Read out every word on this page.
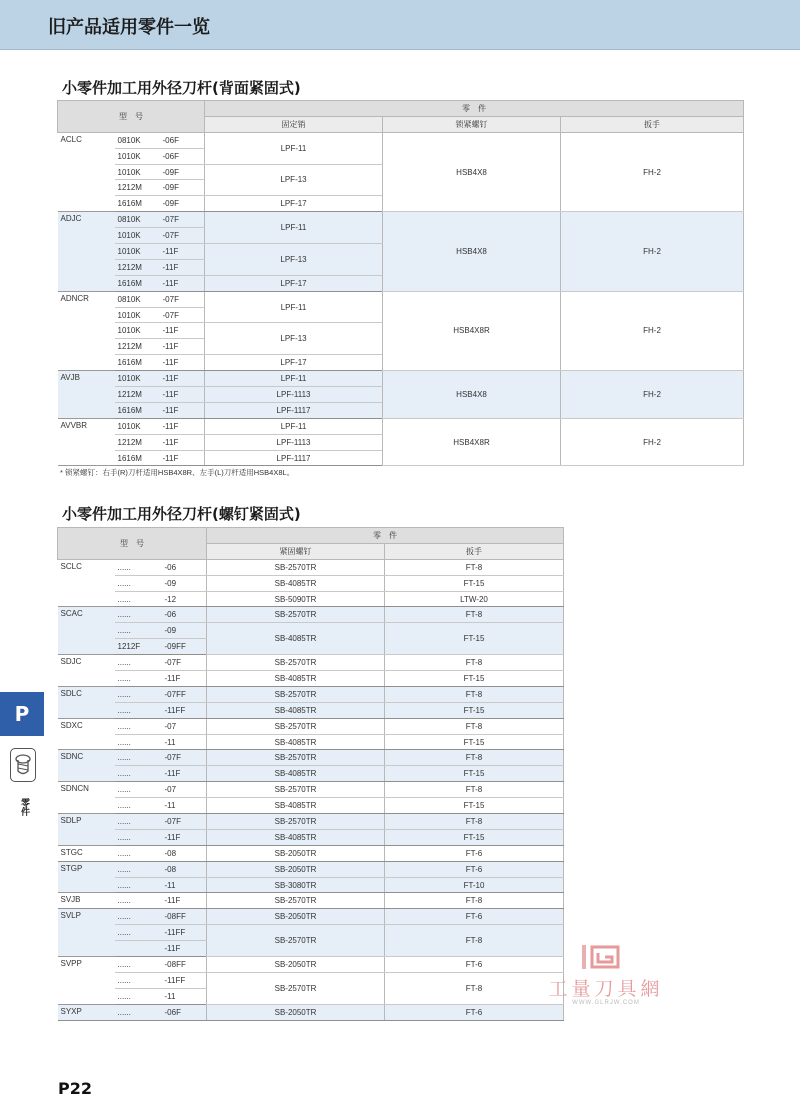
旧产品适用零件一览
小零件加工用外径刀杆(背面紧固式)
型　号			零　件		
			固定销	锁紧螺钉	扳手
ACLC	0810K	-06F	LPF-11	HSB4X8	FH-2
	1010K	-06F			
	1010K	-09F	LPF-13		
	1212M	-09F			
	1616M	-09F	LPF-17		
ADJC	0810K	-07F	LPF-11	HSB4X8	FH-2
	1010K	-07F			
	1010K	-11F	LPF-13		
	1212M	-11F			
	1616M	-11F	LPF-17		
ADNCR	0810K	-07F	LPF-11	HSB4X8R	FH-2
	1010K	-07F			
	1010K	-11F	LPF-13		
	1212M	-11F			
	1616M	-11F	LPF-17		
AVJB	1010K	-11F	LPF-11	HSB4X8	FH-2
	1212M	-11F	LPF-1113		
	1616M	-11F	LPF-1117		
AVVBR	1010K	-11F	LPF-11	HSB4X8R	FH-2
	1212M	-11F	LPF-1113		
	1616M	-11F	LPF-1117		
* 锁紧螺钉：右手(R)刀杆适用HSB4X8R、左手(L)刀杆适用HSB4X8L。
小零件加工用外径刀杆(螺钉紧固式)
型　号			零　件	
			紧固螺钉	扳手
SCLC	......	-06	SB-2570TR	FT-8
	......	-09	SB-4085TR	FT-15
	......	-12	SB-5090TR	LTW-20
SCAC	......	-06	SB-2570TR	FT-8
	......	-09	SB-4085TR	FT-15
	1212F	-09FF		
SDJC	......	-07F	SB-2570TR	FT-8
	......	-11F	SB-4085TR	FT-15
SDLC	......	-07FF	SB-2570TR	FT-8
	......	-11FF	SB-4085TR	FT-15
SDXC	......	-07	SB-2570TR	FT-8
	......	-11	SB-4085TR	FT-15
SDNC	......	-07F	SB-2570TR	FT-8
	......	-11F	SB-4085TR	FT-15
SDNCN	......	-07	SB-2570TR	FT-8
	......	-11	SB-4085TR	FT-15
SDLP	......	-07F	SB-2570TR	FT-8
	......	-11F	SB-4085TR	FT-15
STGC	......	-08	SB-2050TR	FT-6
STGP	......	-08	SB-2050TR	FT-6
	......	-11	SB-3080TR	FT-10
SVJB	......	-11F	SB-2570TR	FT-8
SVLP	......	-08FF	SB-2050TR	FT-6
	......	-11FF	SB-2570TR	FT-8
		-11F		
SVPP	......	-08FF	SB-2050TR	FT-6
	......	-11FF	SB-2570TR	FT-8
	......	-11		
SYXP	......	-06F	SB-2050TR	FT-6
P
零件
工量刀具網
WWW.GLRJW.COM
P22
